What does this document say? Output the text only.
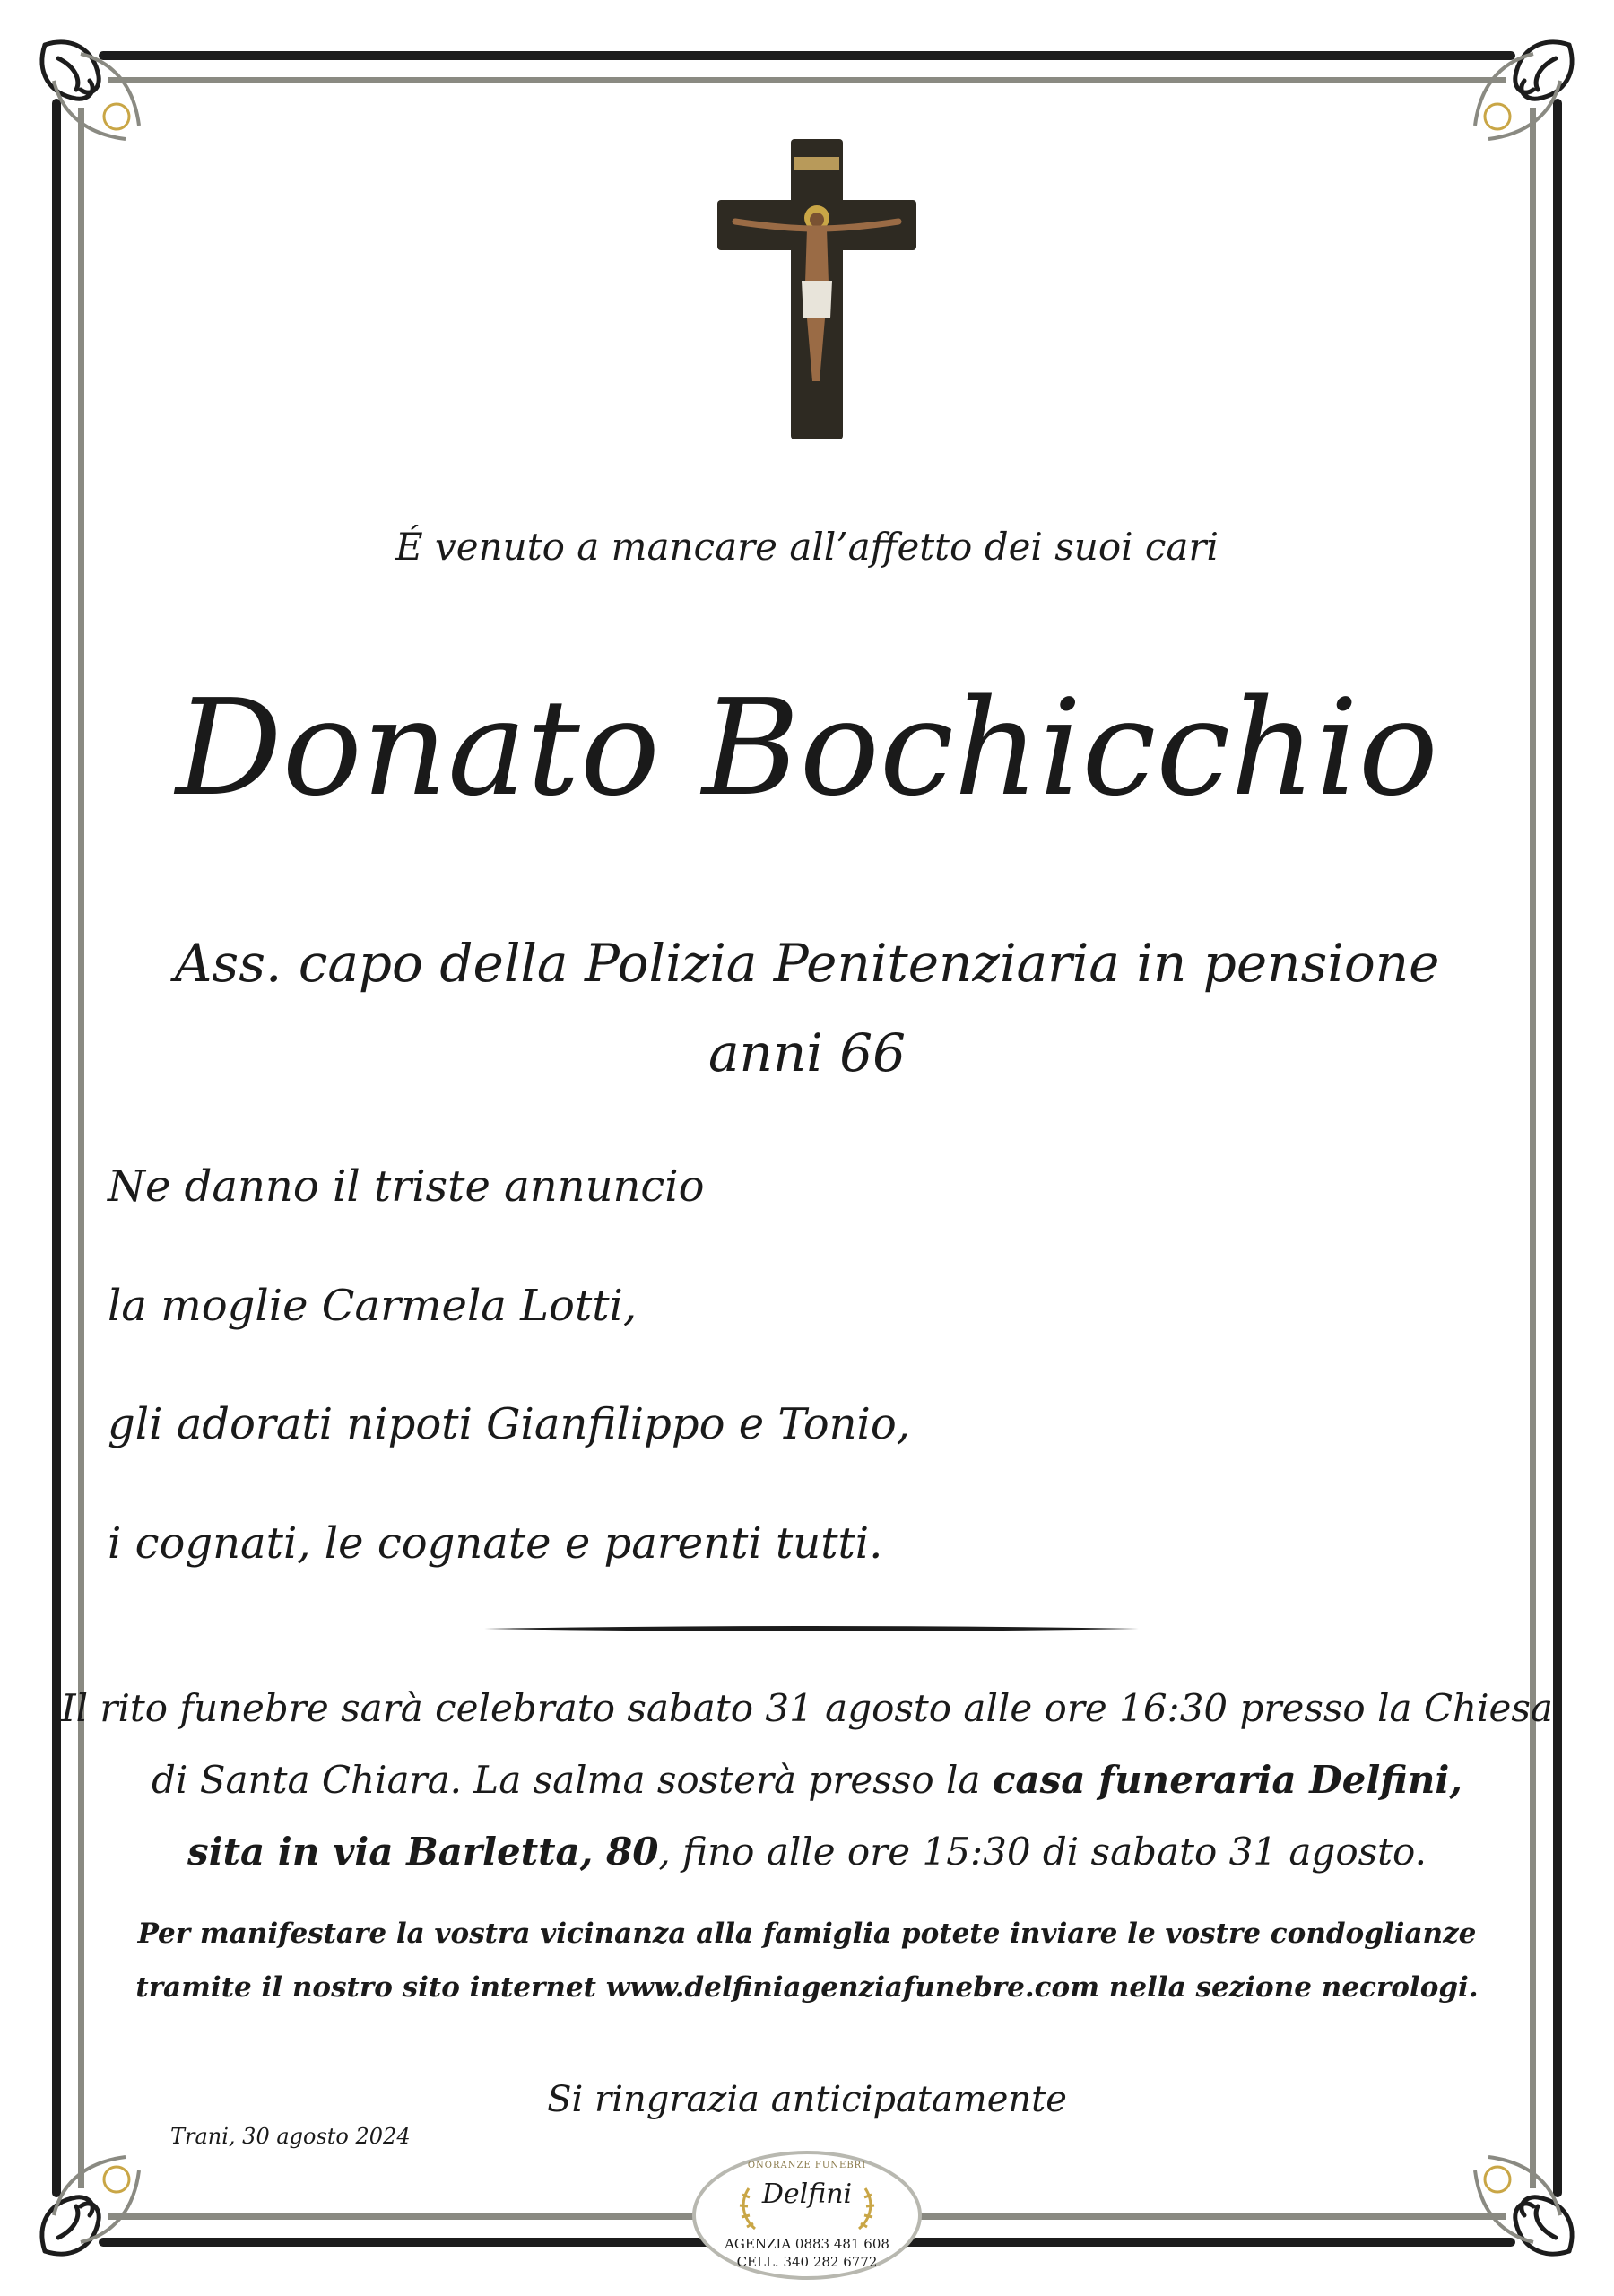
É venuto a mancare all’affetto dei suoi cari
Donato Bochicchio
Ass. capo della Polizia Penitenziaria in pensione
anni 66
Ne danno il triste annuncio
la moglie Carmela Lotti,
gli adorati nipoti Gianfilippo e Tonio,
i cognati, le cognate e parenti tutti.
Il rito funebre sarà celebrato sabato 31 agosto alle ore 16:30 presso la Chiesa
di Santa Chiara. La salma sosterà presso la casa funeraria Delfini,
sita in via Barletta, 80, fino alle ore 15:30 di sabato 31 agosto.
Per manifestare la vostra vicinanza alla famiglia potete inviare le vostre condoglianze
tramite il nostro sito internet www.delfiniagenziafunebre.com nella sezione necrologi.
Si ringrazia anticipatamente
Trani, 30 agosto 2024
ONORANZE FUNEBRI
Delfini
AGENZIA 0883 481 608
CELL. 340 282 6772
